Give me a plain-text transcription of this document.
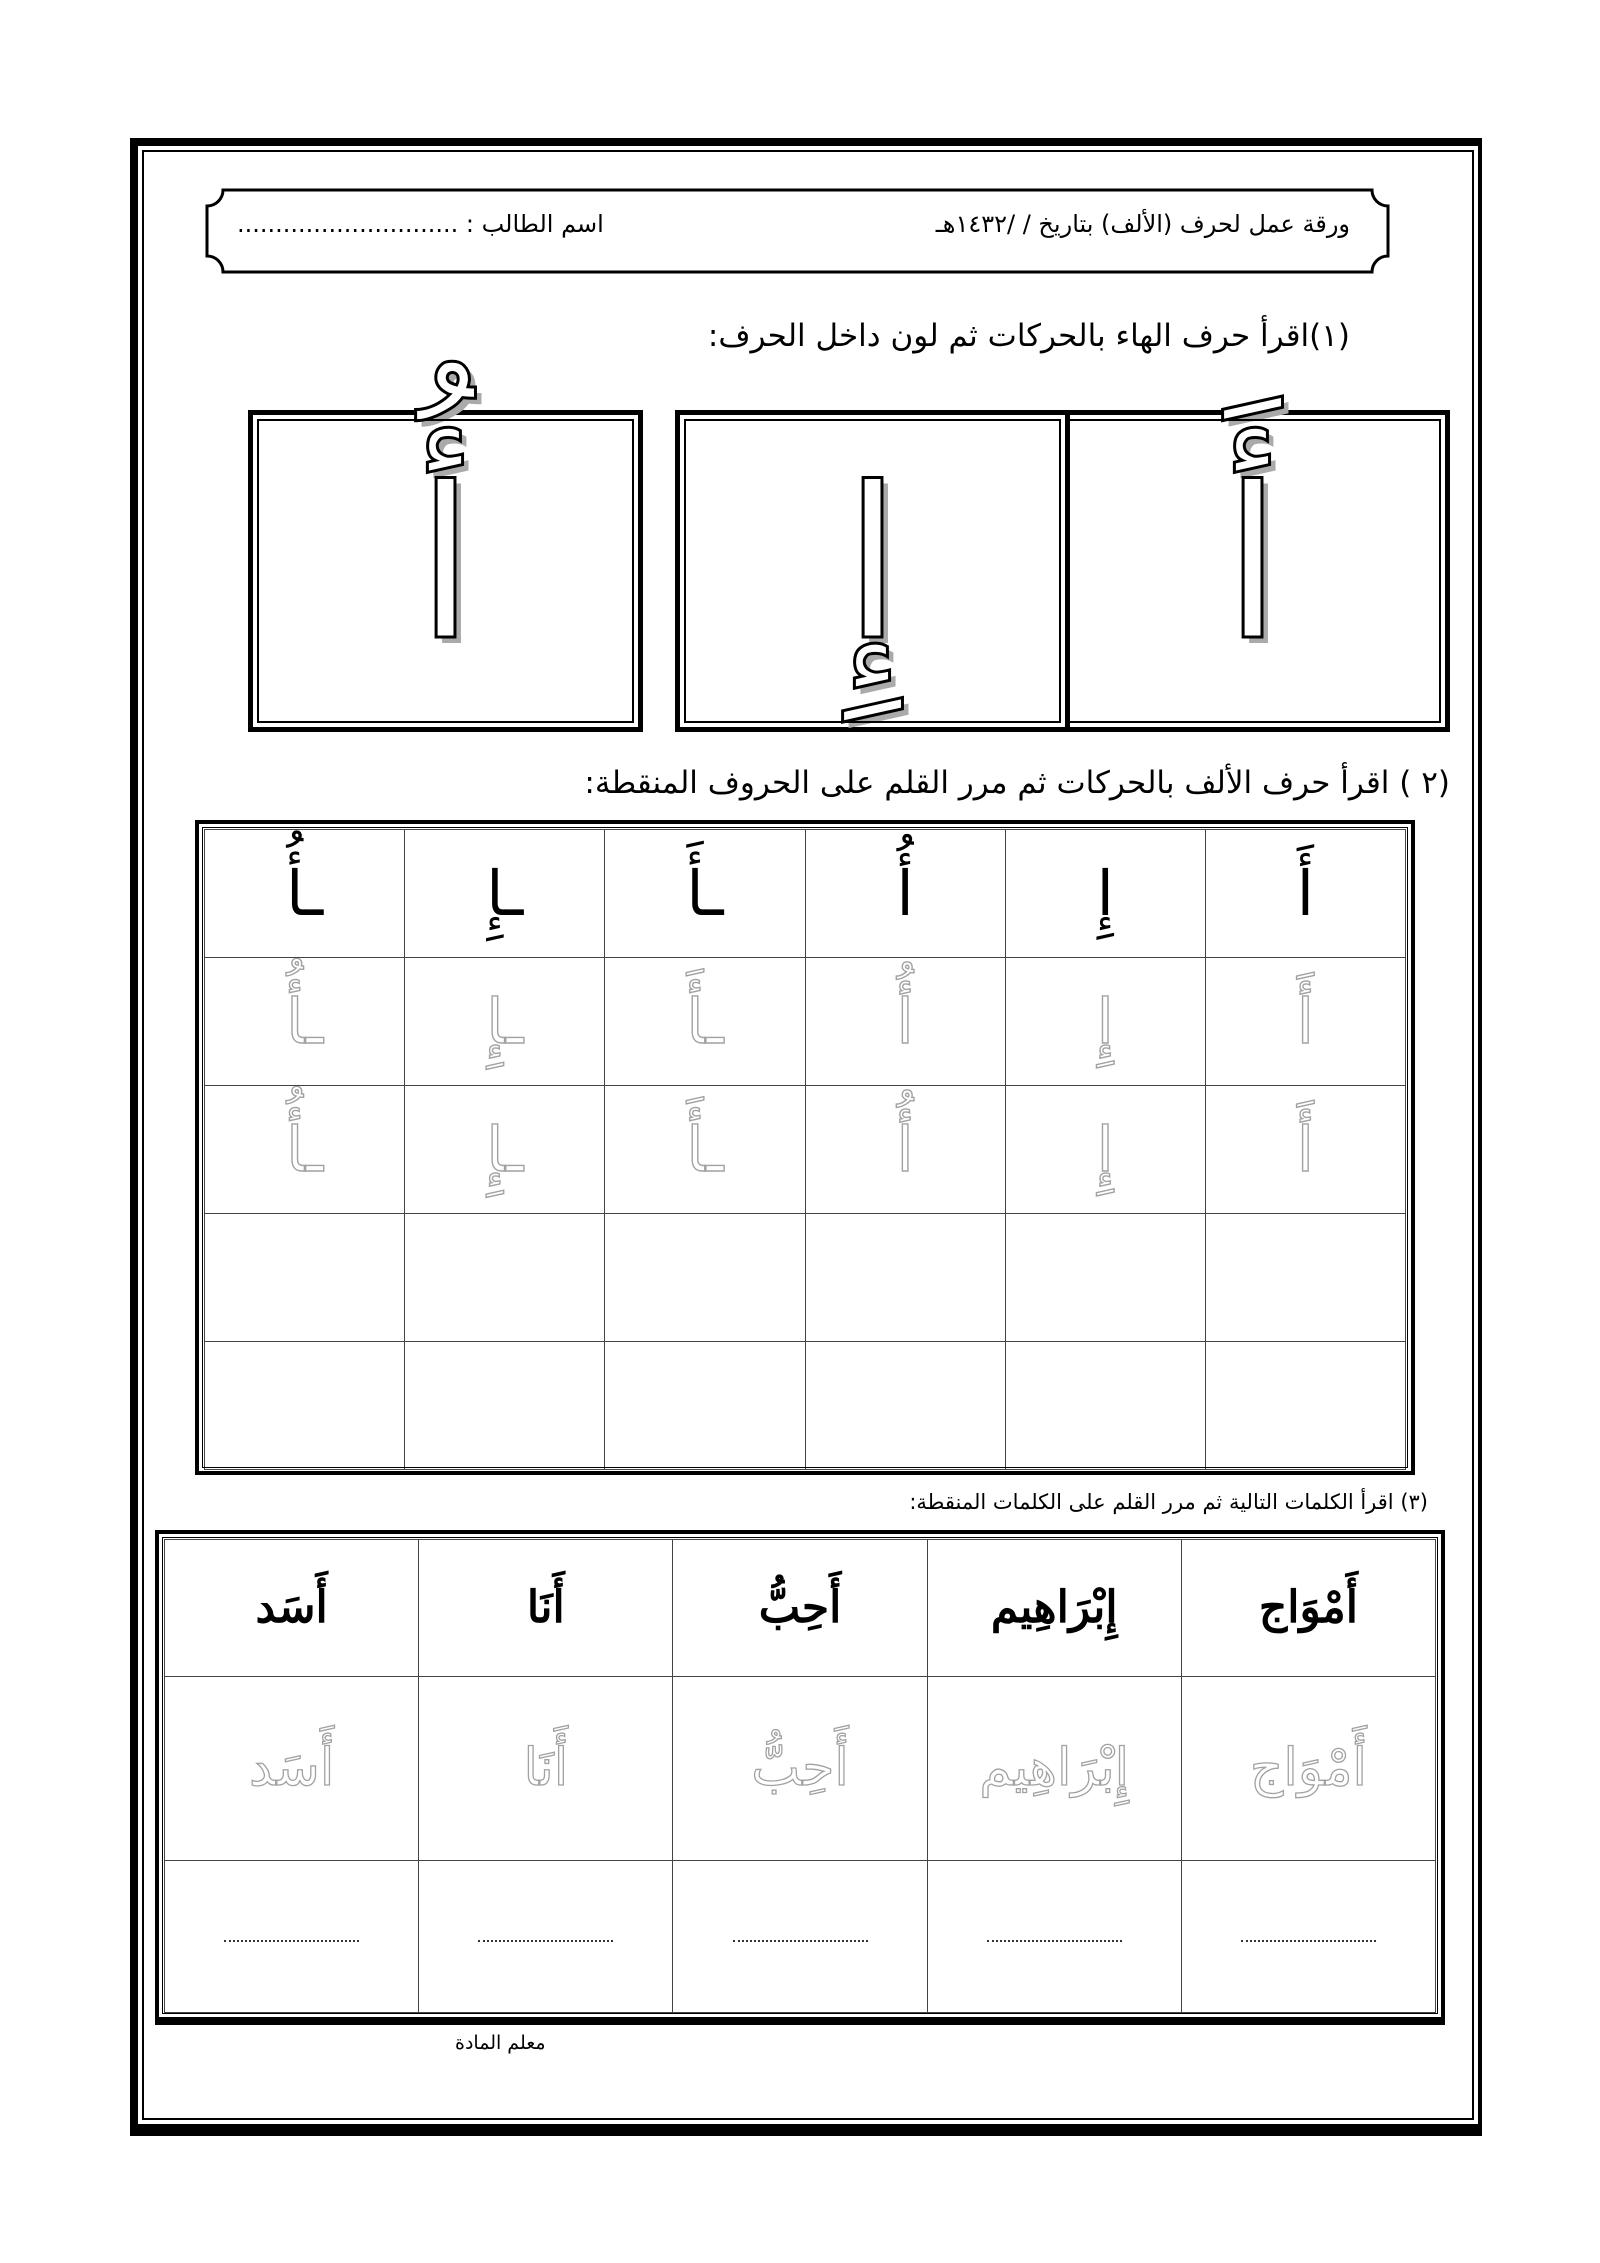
ورقة عمل لحرف (الألف) بتاريخ / /١٤٣٢هـ
اسم الطالب : .............................
(١)اقرأ حرف الهاء بالحركات ثم لون داخل الحرف:
أَ
إِ
أُ
(٢ ) اقرأ حرف الألف بالحركات ثم مرر القلم على الحروف المنقطة:
أَ	إِ	أُ	ـأَ	ـإِ	ـأُ
أَ	إِ	أُ	ـأَ	ـإِ	ـأُ
أَ	إِ	أُ	ـأَ	ـإِ	ـأُ

(٣) اقرأ الكلمات التالية ثم مرر القلم على الكلمات المنقطة:
أَمْوَاج	إِبْرَاهِيم	أَحِبُّ	أَنَا	أَسَد
أَمْوَاج	إِبْرَاهِيم	أَحِبُّ	أَنَا	أَسَد

معلم المادة
